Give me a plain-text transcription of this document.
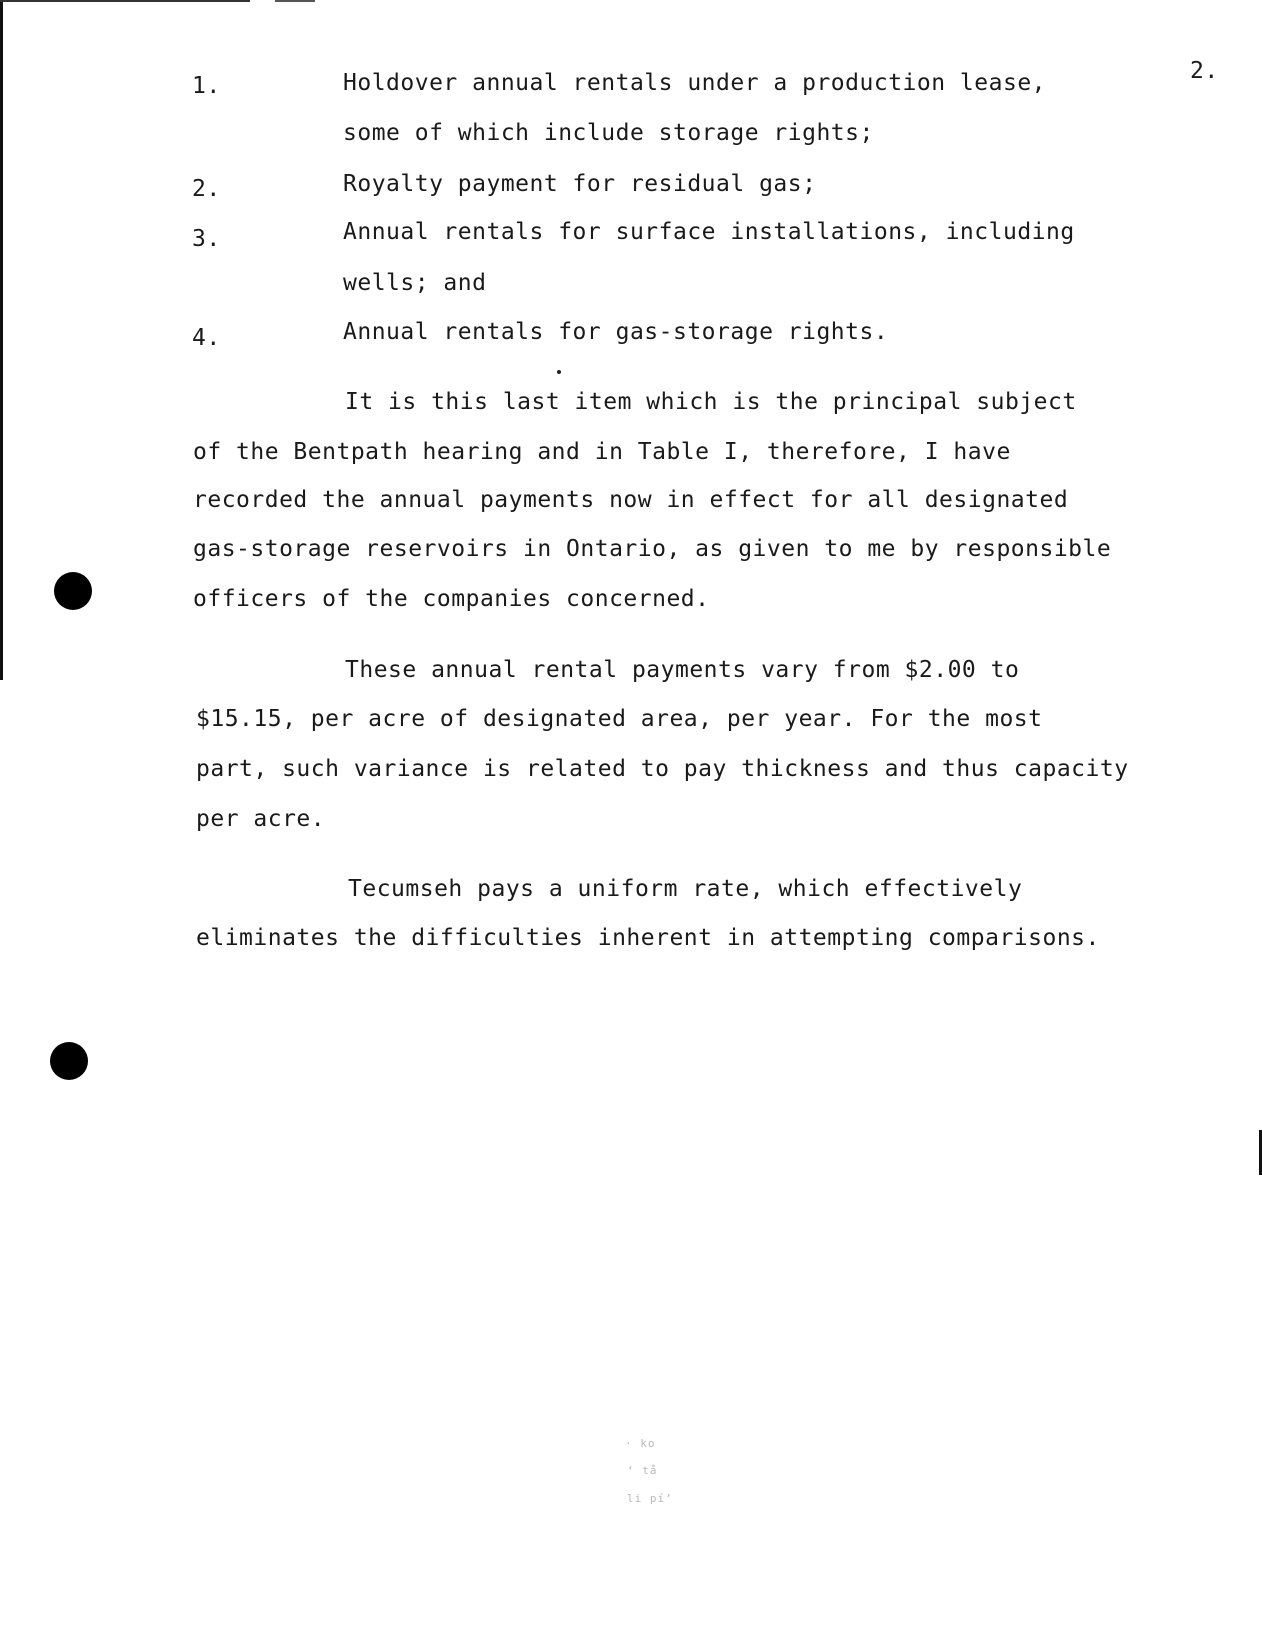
2.
1.	Holdover annual rentals under a production lease,
some of which include storage rights;
2.	Royalty payment for residual gas;
3.	Annual rentals for surface installations, including
wells; and
4.	Annual rentals for gas-storage rights.
It is this last item which is the principal subject
of the Bentpath hearing and in Table I, therefore, I have
recorded the annual payments now in effect for all designated
gas-storage reservoirs in Ontario, as given to me by responsible
officers of the companies concerned.
These annual rental payments vary from $2.00 to
$15.15, per acre of designated area, per year. For the most
part, such variance is related to pay thickness and thus capacity
per acre.
Tecumseh pays a uniform rate, which effectively
eliminates the difficulties inherent in attempting comparisons.
· ko
‘ tå
li pí’
